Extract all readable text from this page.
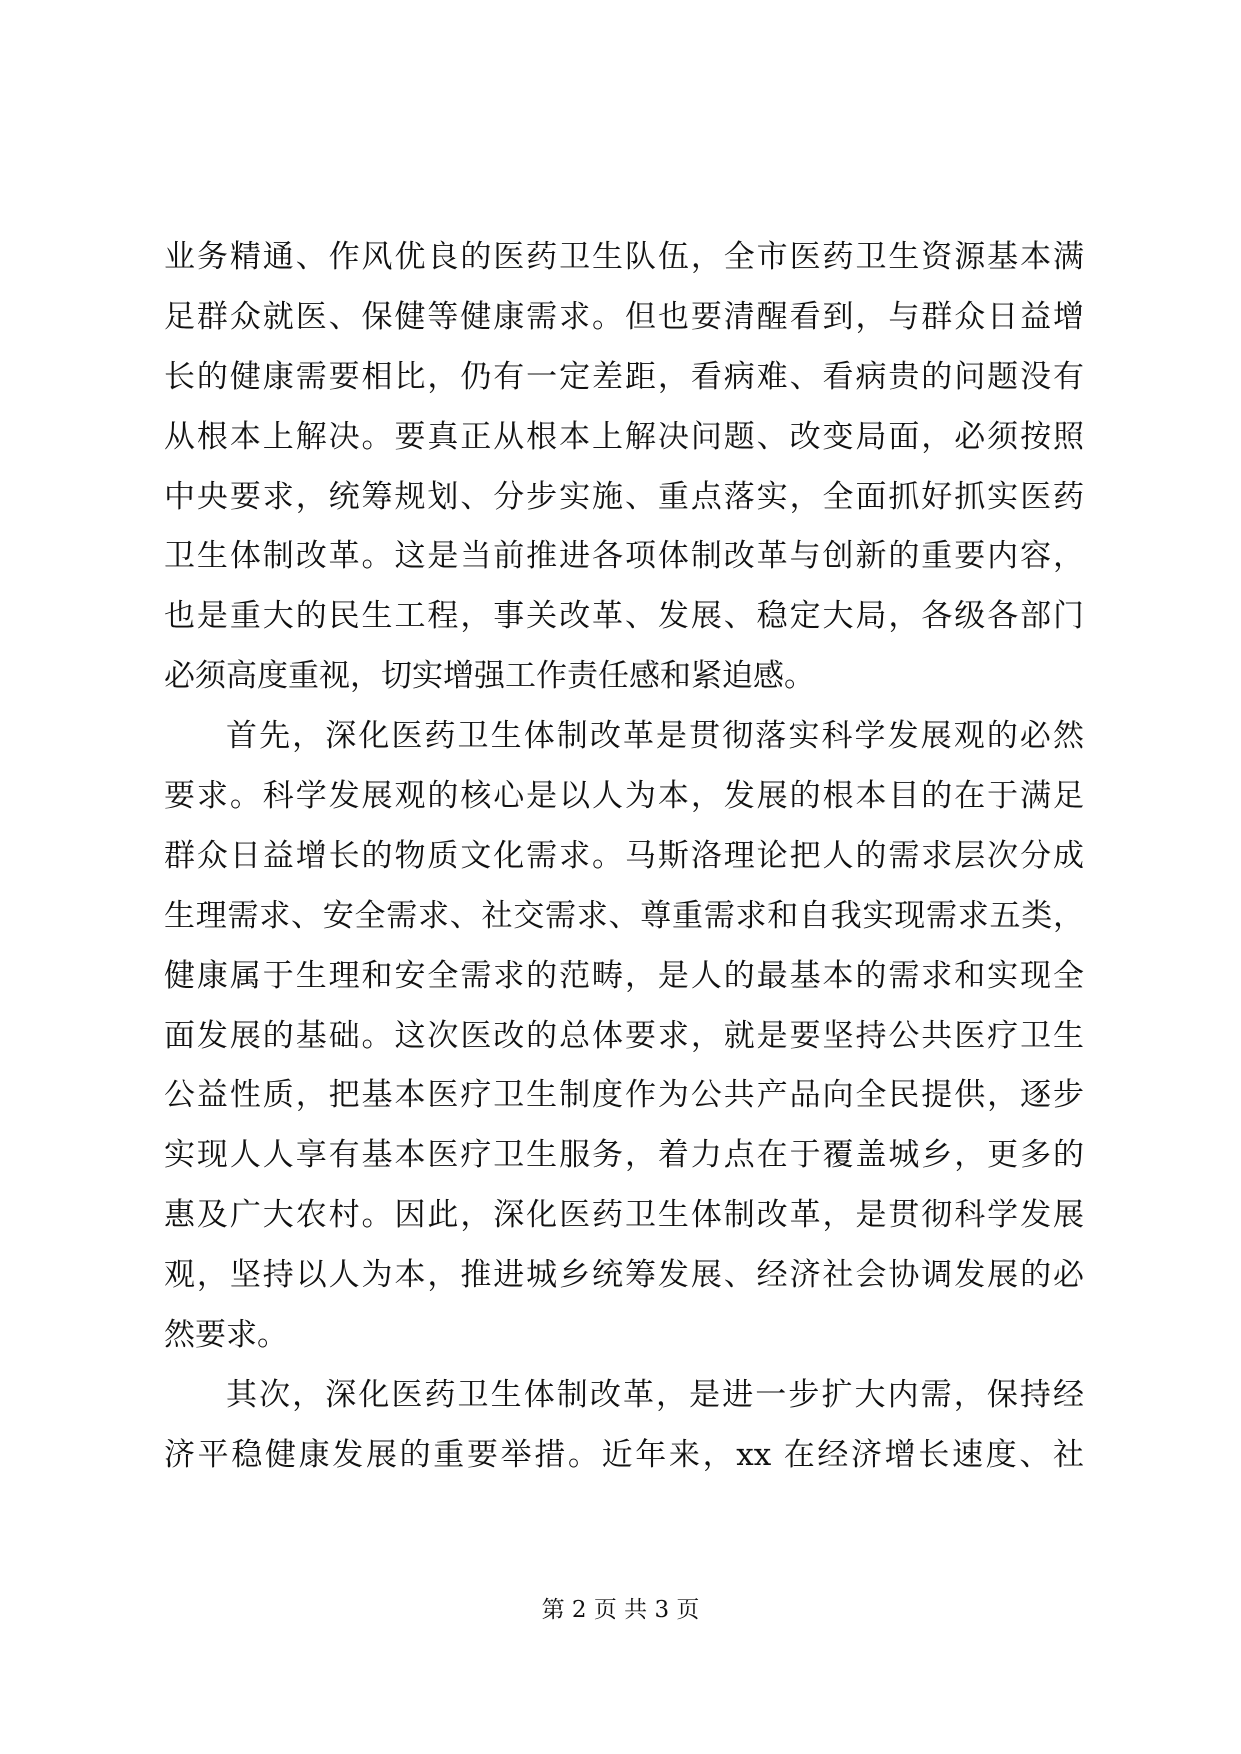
业务精通、作风优良的医药卫生队伍，全市医药卫生资源基本满
足群众就医、保健等健康需求。但也要清醒看到，与群众日益增
长的健康需要相比，仍有一定差距，看病难、看病贵的问题没有
从根本上解决。要真正从根本上解决问题、改变局面，必须按照
中央要求，统筹规划、分步实施、重点落实，全面抓好抓实医药
卫生体制改革。这是当前推进各项体制改革与创新的重要内容，
也是重大的民生工程，事关改革、发展、稳定大局，各级各部门
必须高度重视，切实增强工作责任感和紧迫感。
首先，深化医药卫生体制改革是贯彻落实科学发展观的必然
要求。科学发展观的核心是以人为本，发展的根本目的在于满足
群众日益增长的物质文化需求。马斯洛理论把人的需求层次分成
生理需求、安全需求、社交需求、尊重需求和自我实现需求五类，
健康属于生理和安全需求的范畴，是人的最基本的需求和实现全
面发展的基础。这次医改的总体要求，就是要坚持公共医疗卫生
公益性质，把基本医疗卫生制度作为公共产品向全民提供，逐步
实现人人享有基本医疗卫生服务，着力点在于覆盖城乡，更多的
惠及广大农村。因此，深化医药卫生体制改革，是贯彻科学发展
观，坚持以人为本，推进城乡统筹发展、经济社会协调发展的必
然要求。
其次，深化医药卫生体制改革，是进一步扩大内需，保持经
济平稳健康发展的重要举措。近年来，xx 在经济增长速度、社
第 2 页 共 3 页
